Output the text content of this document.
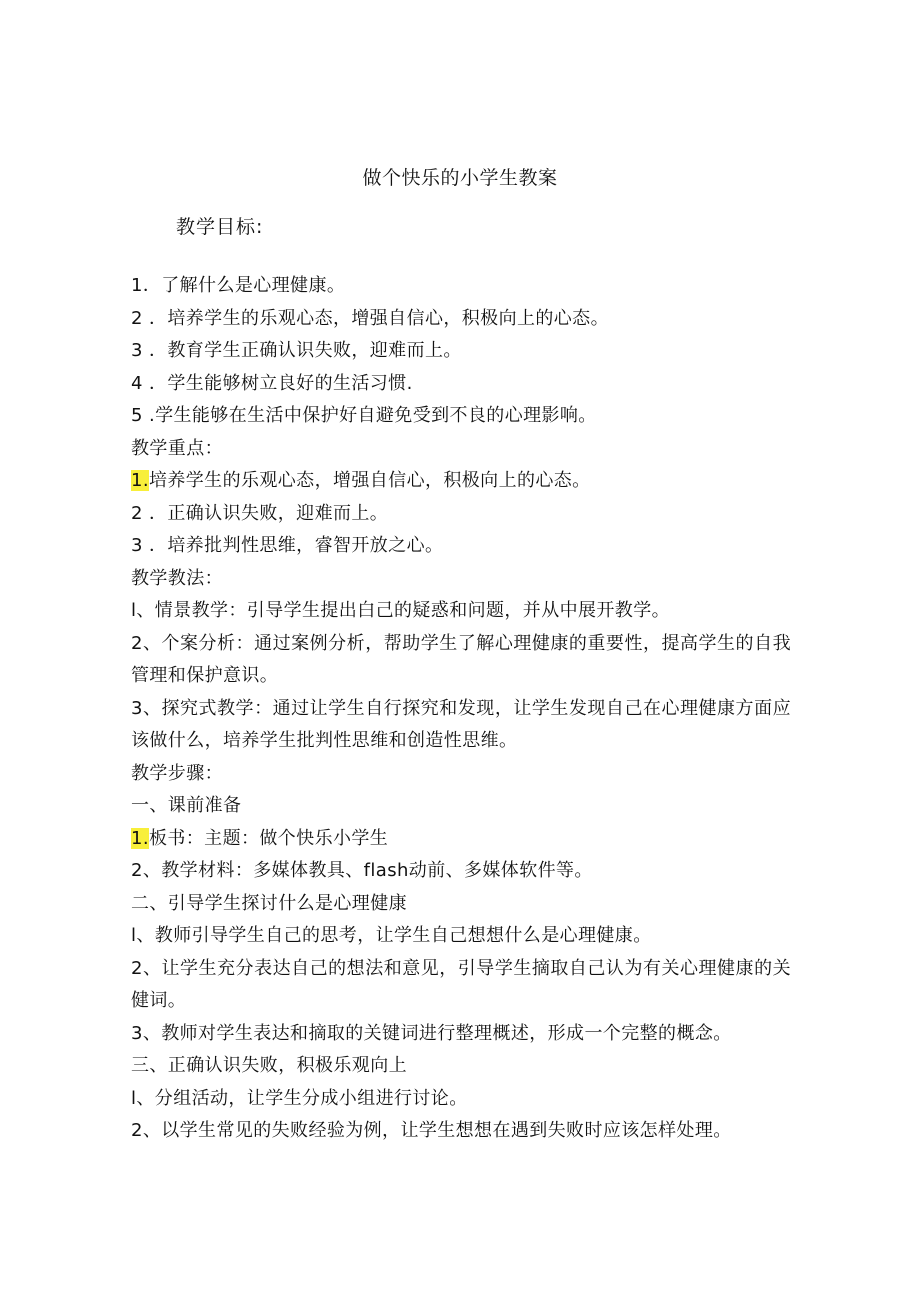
做个快乐的小学生教案
教学目标:
1．了解什么是心理健康。
2 ．培养学生的乐观心态，增强自信心，积极向上的心态。
3 ．教育学生正确认识失败，迎难而上。
4 ．学生能够树立良好的生活习惯.
5 .学生能够在生活中保护好自避免受到不良的心理影响。
教学重点：
1.培养学生的乐观心态，增强自信心，积极向上的心态。
2 ．正确认识失败，迎难而上。
3 ．培养批判性思维，睿智开放之心。
教学教法：
l、情景教学：引导学生提出白己的疑惑和问题，并从中展开教学。
2、个案分析：通过案例分析，帮助学生了解心理健康的重要性，提高学生的自我管理和保护意识。
3、探究式教学：通过让学生自行探究和发现，让学生发现自己在心理健康方面应该做什么，培养学生批判性思维和创造性思维。
教学步骤：
一、课前准备
1.板书：主题：做个快乐小学生
2、教学材料：多媒体教具、flash动前、多媒体软件等。
二、引导学生探讨什么是心理健康
l、教师引导学生自己的思考，让学生自己想想什么是心理健康。
2、让学生充分表达自己的想法和意见，引导学生摘取自己认为有关心理健康的关健词。
3、教师对学生表达和摘取的关键词进行整理概述，形成一个完整的概念。
三、正确认识失败，积极乐观向上
l、分组活动，让学生分成小组进行讨论。
2、以学生常见的失败经验为例，让学生想想在遇到失败时应该怎样处理。
